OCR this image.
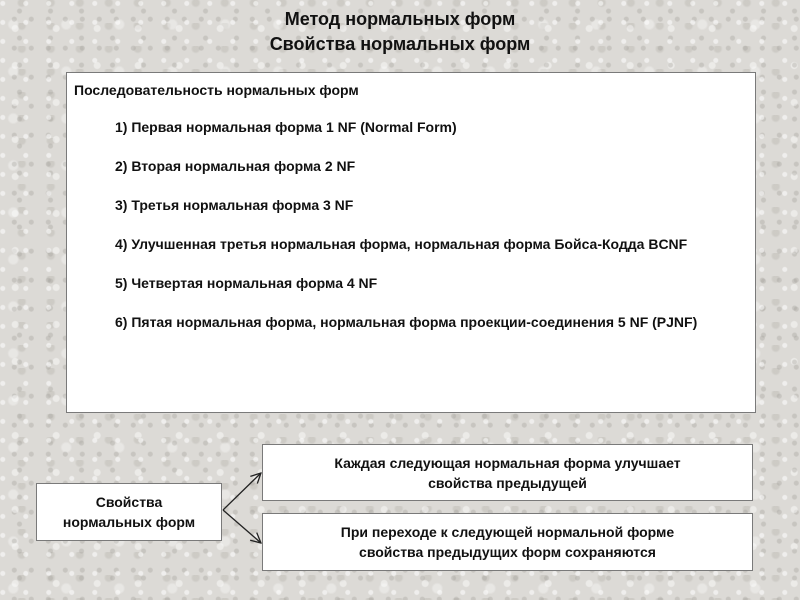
Метод нормальных форм
Свойства нормальных форм
Последовательность нормальных форм
1) Первая нормальная форма 1 NF (Normal Form)
2) Вторая нормальная форма 2 NF
3) Третья нормальная форма 3 NF
4) Улучшенная третья нормальная форма, нормальная форма Бойса-Кодда BCNF
5) Четвертая нормальная форма 4 NF
6) Пятая нормальная форма, нормальная форма проекции-соединения 5 NF (PJNF)
Свойства
нормальных форм
Каждая следующая нормальная форма улучшает
свойства предыдущей
При переходе к следующей нормальной форме
свойства предыдущих форм сохраняются
